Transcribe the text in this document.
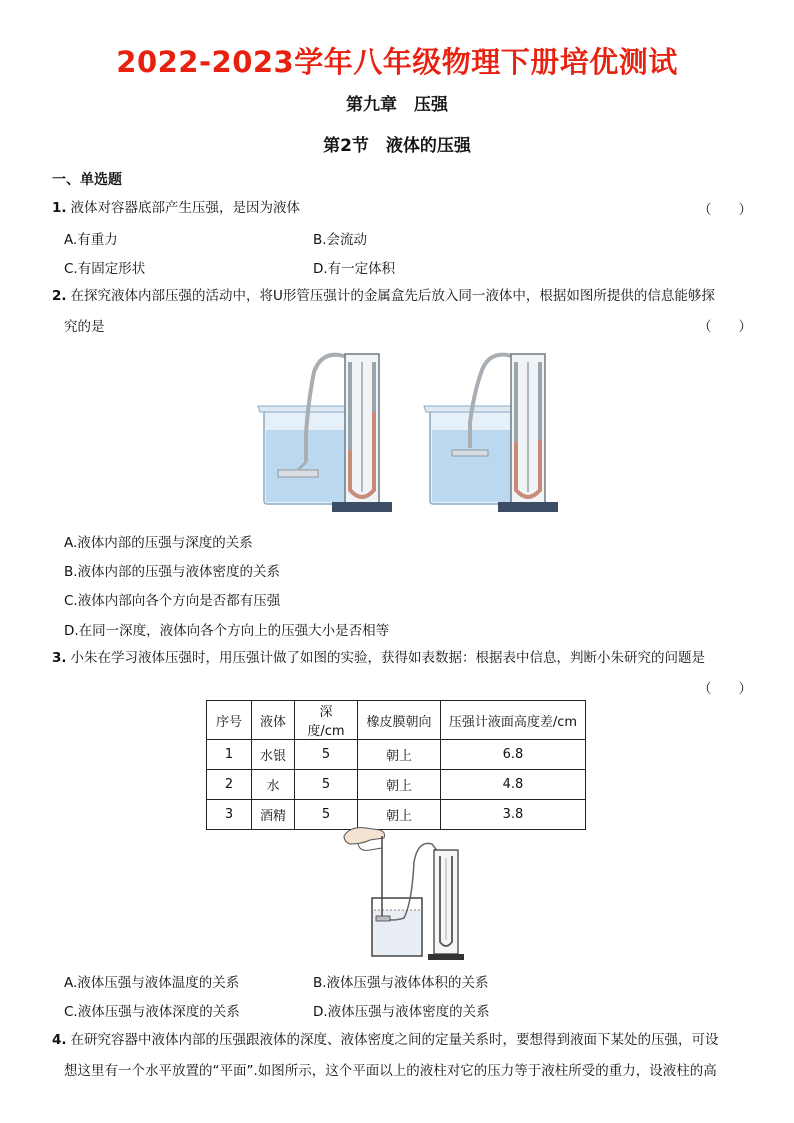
2022-2023学年八年级物理下册培优测试
第九章　压强
第2节　液体的压强
一、单选题
1. 液体对容器底部产生压强，是因为液体	（　　）
A.有重力	B.会流动
C.有固定形状	D.有一定体积
2. 在探究液体内部压强的活动中，将U形管压强计的金属盒先后放入同一液体中，根据如图所提供的信息能够探
究的是	（　　）
A.液体内部的压强与深度的关系
B.液体内部的压强与液体密度的关系
C.液体内部向各个方向是否都有压强
D.在同一深度，液体向各个方向上的压强大小是否相等
3. 小朱在学习液体压强时，用压强计做了如图的实验，获得如表数据：根据表中信息，判断小朱研究的问题是
（　　）
序号	液体	深度/cm	橡皮膜朝向	压强计液面高度差/cm
1	水银	5	朝上	6.8
2	水	5	朝上	4.8
3	酒精	5	朝上	3.8
A.液体压强与液体温度的关系	B.液体压强与液体体积的关系
C.液体压强与液体深度的关系	D.液体压强与液体密度的关系
4. 在研究容器中液体内部的压强跟液体的深度、液体密度之间的定量关系时，要想得到液面下某处的压强，可设
想这里有一个水平放置的“平面”.如图所示，这个平面以上的液柱对它的压力等于液柱所受的重力，设液柱的高
